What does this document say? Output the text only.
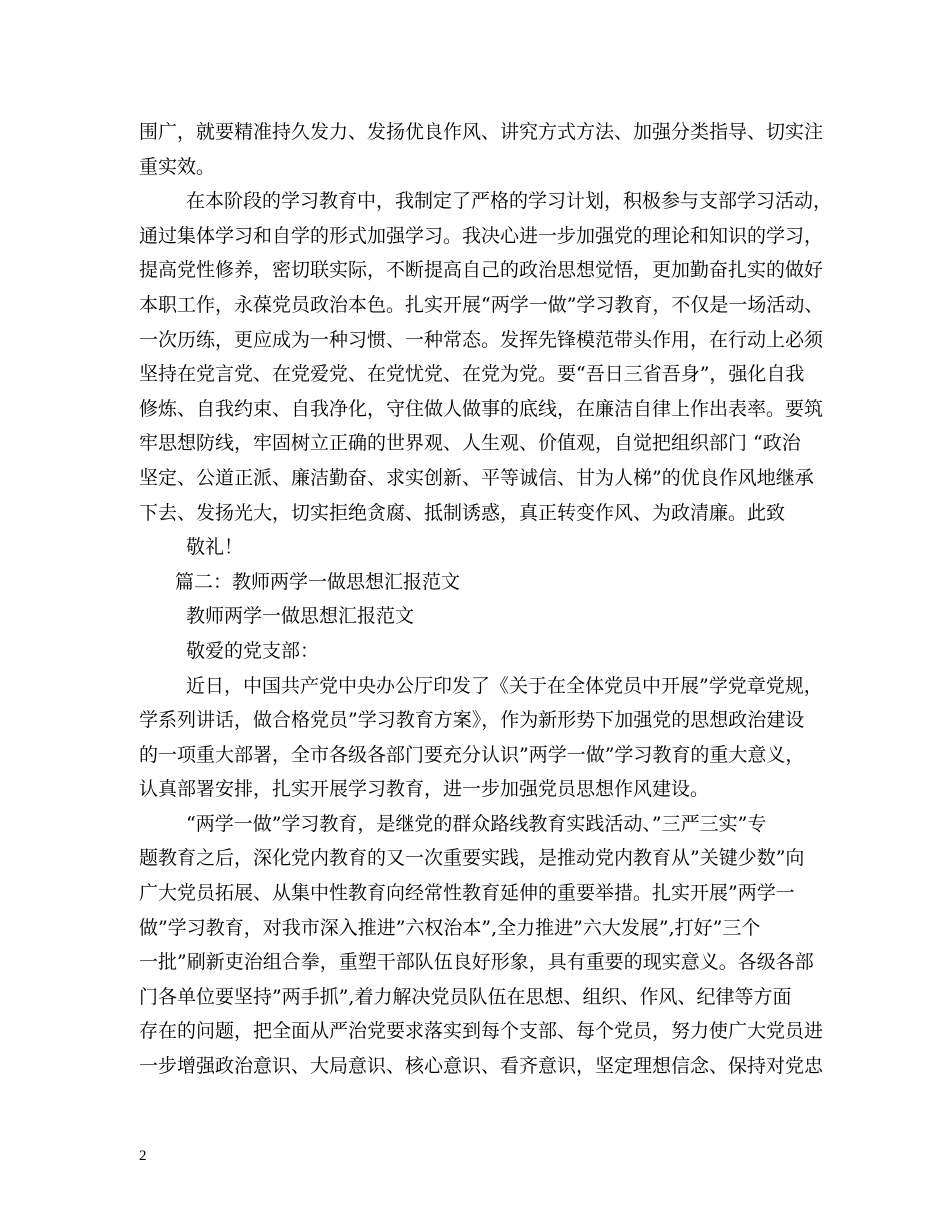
围广，就要精准持久发力、发扬优良作风、讲究方式方法、加强分类指导、切实注
重实效。
在本阶段的学习教育中，我制定了严格的学习计划，积极参与支部学习活动，
通过集体学习和自学的形式加强学习。我决心进一步加强党的理论和知识的学习，
提高党性修养，密切联实际，不断提高自己的政治思想觉悟，更加勤奋扎实的做好
本职工作，永葆党员政治本色。扎实开展“两学一做”学习教育，不仅是一场活动、
一次历练，更应成为一种习惯、一种常态。发挥先锋模范带头作用，在行动上必须
坚持在党言党、在党爱党、在党忧党、在党为党。要“吾日三省吾身”，强化自我
修炼、自我约束、自我净化，守住做人做事的底线，在廉洁自律上作出表率。要筑
牢思想防线，牢固树立正确的世界观、人生观、价值观，自觉把组织部门 “政治
坚定、公道正派、廉洁勤奋、求实创新、平等诚信、甘为人梯”的优良作风地继承
下去、发扬光大，切实拒绝贪腐、抵制诱惑，真正转变作风、为政清廉。此致
敬礼！
篇二：教师两学一做思想汇报范文
教师两学一做思想汇报范文
敬爱的党支部：
近日，中国共产党中央办公厅印发了《关于在全体党员中开展”学党章党规，
学系列讲话，做合格党员”学习教育方案》，作为新形势下加强党的思想政治建设
的一项重大部署，全市各级各部门要充分认识”两学一做”学习教育的重大意义，
认真部署安排，扎实开展学习教育，进一步加强党员思想作风建设。
“两学一做”学习教育，是继党的群众路线教育实践活动、”三严三实”专
题教育之后，深化党内教育的又一次重要实践，是推动党内教育从”关键少数”向
广大党员拓展、从集中性教育向经常性教育延伸的重要举措。扎实开展”两学一
做”学习教育，对我市深入推进”六权治本”,全力推进”六大发展”,打好”三个
一批”刷新吏治组合拳，重塑干部队伍良好形象，具有重要的现实意义。各级各部
门各单位要坚持”两手抓”,着力解决党员队伍在思想、组织、作风、纪律等方面
存在的问题，把全面从严治党要求落实到每个支部、每个党员，努力使广大党员进
一步增强政治意识、大局意识、核心意识、看齐意识，坚定理想信念、保持对党忠
2
